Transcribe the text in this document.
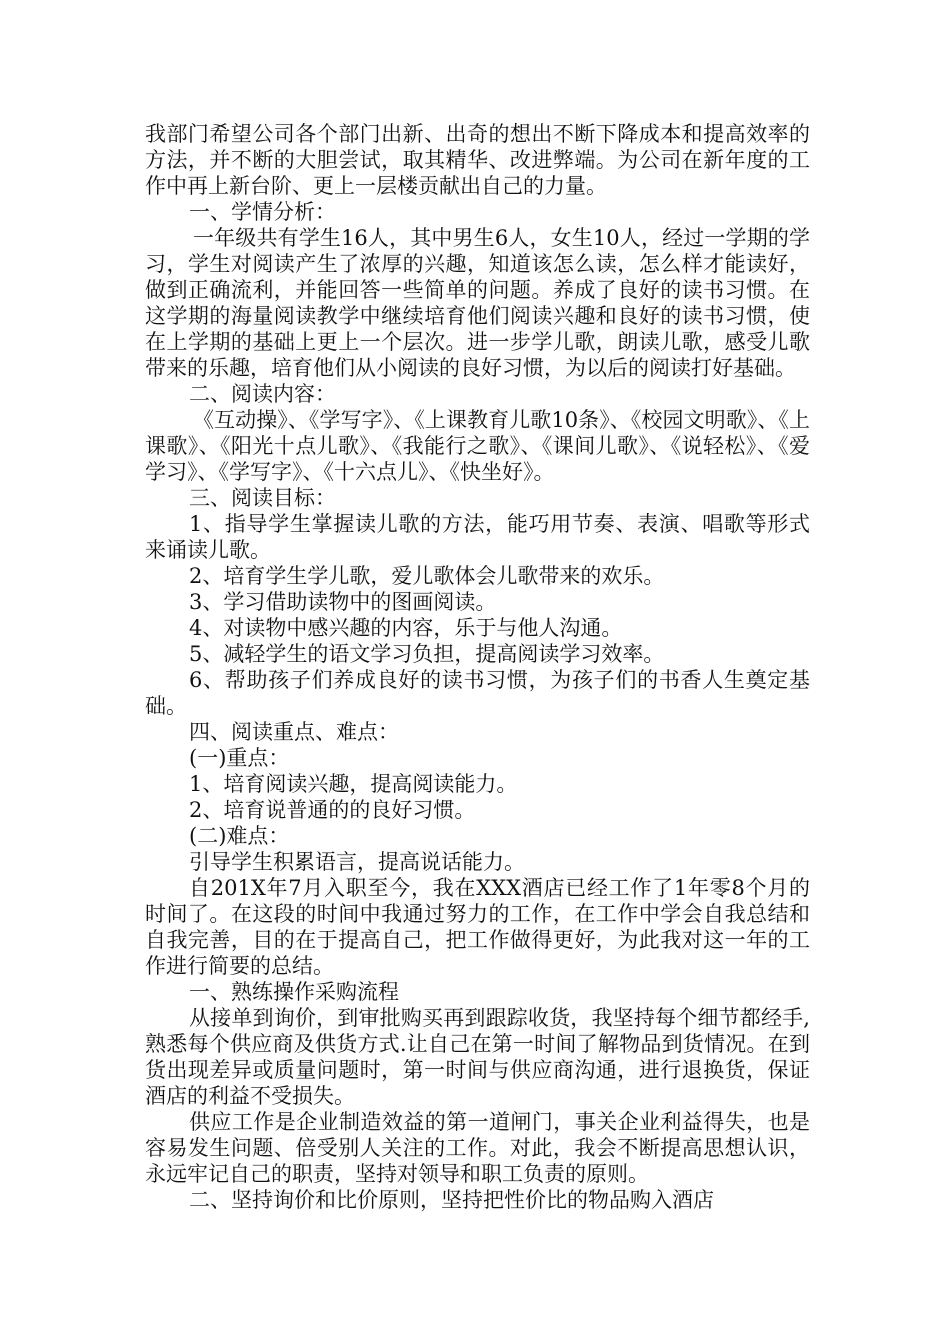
我部门希望公司各个部门出新、出奇的想出不断下降成本和提高效率的方法，并不断的大胆尝试，取其精华、改进弊端。为公司在新年度的工作中再上新台阶、更上一层楼贡献出自己的力量。

一、学情分析：

一年级共有学生16人，其中男生6人，女生10人，经过一学期的学习，学生对阅读产生了浓厚的兴趣，知道该怎么读，怎么样才能读好，做到正确流利，并能回答一些简单的问题。养成了良好的读书习惯。在这学期的海量阅读教学中继续培育他们阅读兴趣和良好的读书习惯，使在上学期的基础上更上一个层次。进一步学儿歌，朗读儿歌，感受儿歌带来的乐趣，培育他们从小阅读的良好习惯，为以后的阅读打好基础。

二、阅读内容：

《互动操》、《学写字》、《上课教育儿歌10条》、《校园文明歌》、《上课歌》、《阳光十点儿歌》、《我能行之歌》、《课间儿歌》、《说轻松》、《爱学习》、《学写字》、《十六点儿》、《快坐好》。

三、阅读目标：

1、指导学生掌握读儿歌的方法，能巧用节奏、表演、唱歌等形式来诵读儿歌。

2、培育学生学儿歌，爱儿歌体会儿歌带来的欢乐。

3、学习借助读物中的图画阅读。

4、对读物中感兴趣的内容，乐于与他人沟通。

5、减轻学生的语文学习负担，提高阅读学习效率。

6、帮助孩子们养成良好的读书习惯，为孩子们的书香人生奠定基础。

四、阅读重点、难点：

(一)重点：

1、培育阅读兴趣，提高阅读能力。

2、培育说普通的的良好习惯。

(二)难点：

引导学生积累语言，提高说话能力。

自201X年7月入职至今，我在XXX酒店已经工作了1年零8个月的时间了。在这段的时间中我通过努力的工作，在工作中学会自我总结和自我完善，目的在于提高自己，把工作做得更好，为此我对这一年的工作进行简要的总结。

一、熟练操作采购流程

从接单到询价，到审批购买再到跟踪收货，我坚持每个细节都经手,熟悉每个供应商及供货方式.让自己在第一时间了解物品到货情况。在到货出现差异或质量问题时，第一时间与供应商沟通，进行退换货，保证酒店的利益不受损失。

供应工作是企业制造效益的第一道闸门，事关企业利益得失，也是容易发生问题、倍受别人关注的工作。对此，我会不断提高思想认识，永远牢记自己的职责，坚持对领导和职工负责的原则。

二、坚持询价和比价原则，坚持把性价比的物品购入酒店
